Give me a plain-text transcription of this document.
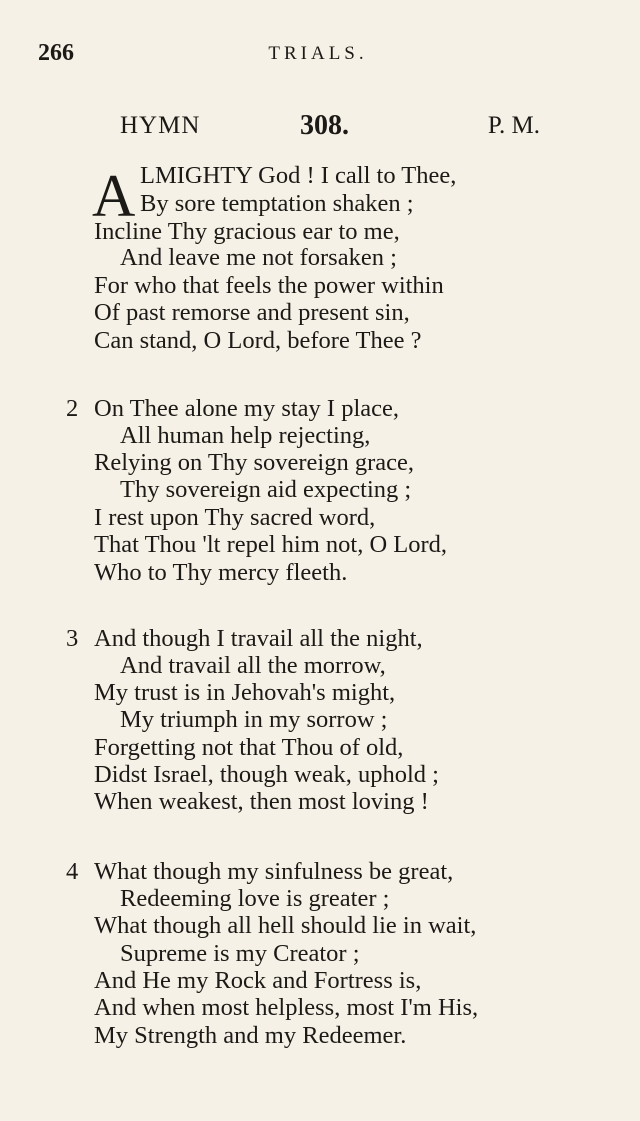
266	TRIALS.
HYMN	308.	P. M.
A LMIGHTY God ! I call to Thee,
By sore temptation shaken ;
Incline Thy gracious ear to me,
And leave me not forsaken ;
For who that feels the power within
Of past remorse and present sin,
Can stand, O Lord, before Thee ?
2 On Thee alone my stay I place,
All human help rejecting,
Relying on Thy sovereign grace,
Thy sovereign aid expecting ;
I rest upon Thy sacred word,
That Thou 'lt repel him not, O Lord,
Who to Thy mercy fleeth.
3 And though I travail all the night,
And travail all the morrow,
My trust is in Jehovah's might,
My triumph in my sorrow ;
Forgetting not that Thou of old,
Didst Israel, though weak, uphold ;
When weakest, then most loving !
4 What though my sinfulness be great,
Redeeming love is greater ;
What though all hell should lie in wait,
Supreme is my Creator ;
And He my Rock and Fortress is,
And when most helpless, most I'm His,
My Strength and my Redeemer.
